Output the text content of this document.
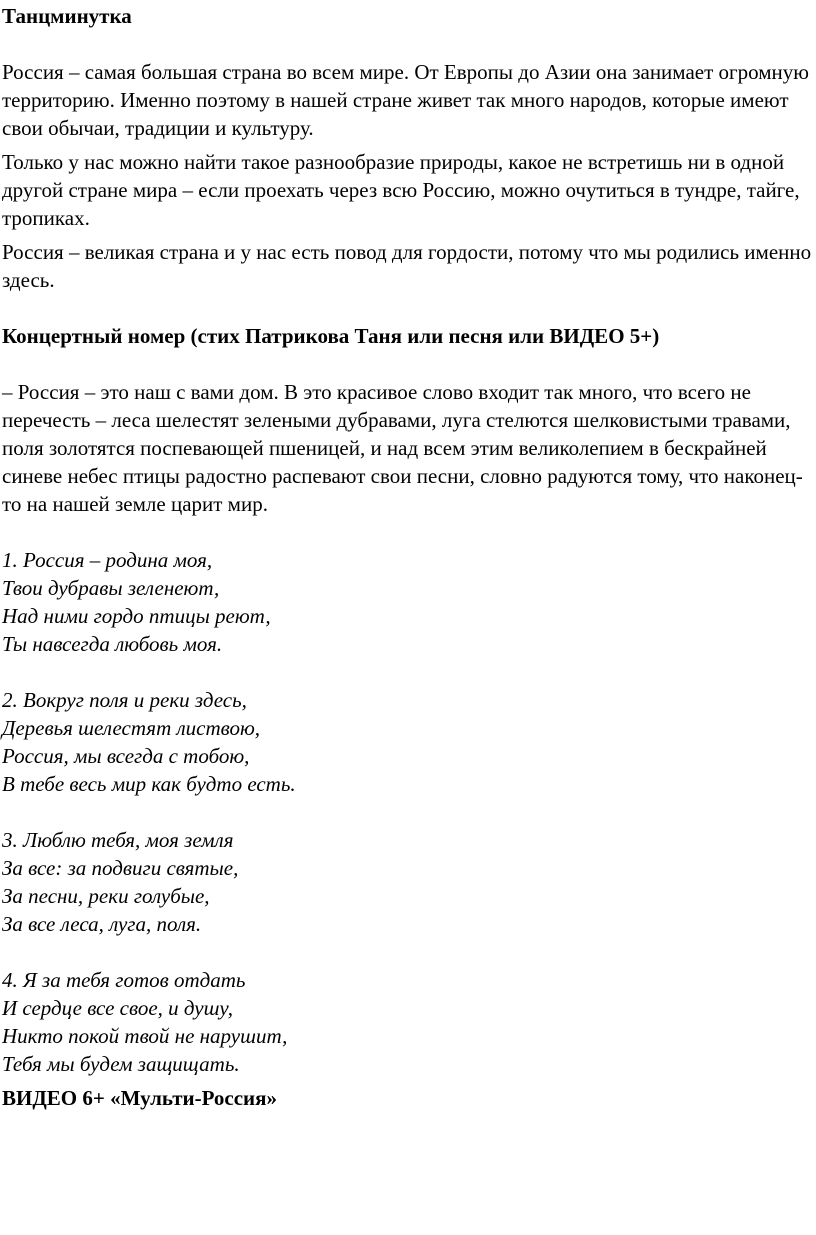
Танцминутка

Россия – самая большая страна во всем мире. От Европы до Азии она занимает огромную территорию. Именно поэтому в нашей стране живет так много народов, которые имеют свои обычаи, традиции и культуру.

Только у нас можно найти такое разнообразие природы, какое не встретишь ни в одной другой стране мира – если проехать через всю Россию, можно очутиться в тундре, тайге, тропиках.

Россия – великая страна и у нас есть повод для гордости, потому что мы родились именно здесь.

Концертный номер (стих Патрикова Таня или песня или ВИДЕО 5+)

– Россия – это наш с вами дом. В это красивое слово входит так много, что всего не перечесть – леса шелестят зелеными дубравами, луга стелются шелковистыми травами, поля золотятся поспевающей пшеницей, и над всем этим великолепием в бескрайней синеве небес птицы радостно распевают свои песни, словно радуются тому, что наконец-то на нашей земле царит мир.

1. Россия – родина моя,
Твои дубравы зеленеют,
Над ними гордо птицы реют,
Ты навсегда любовь моя.
2. Вокруг поля и реки здесь,
Деревья шелестят листвою,
Россия, мы всегда с тобою,
В тебе весь мир как будто есть.
3. Люблю тебя, моя земля
За все: за подвиги святые,
За песни, реки голубые,
За все леса, луга, поля.
4. Я за тебя готов отдать
И сердце все свое, и душу,
Никто покой твой не нарушит,
Тебя мы будем защищать.

ВИДЕО 6+ «Мульти-Россия»
